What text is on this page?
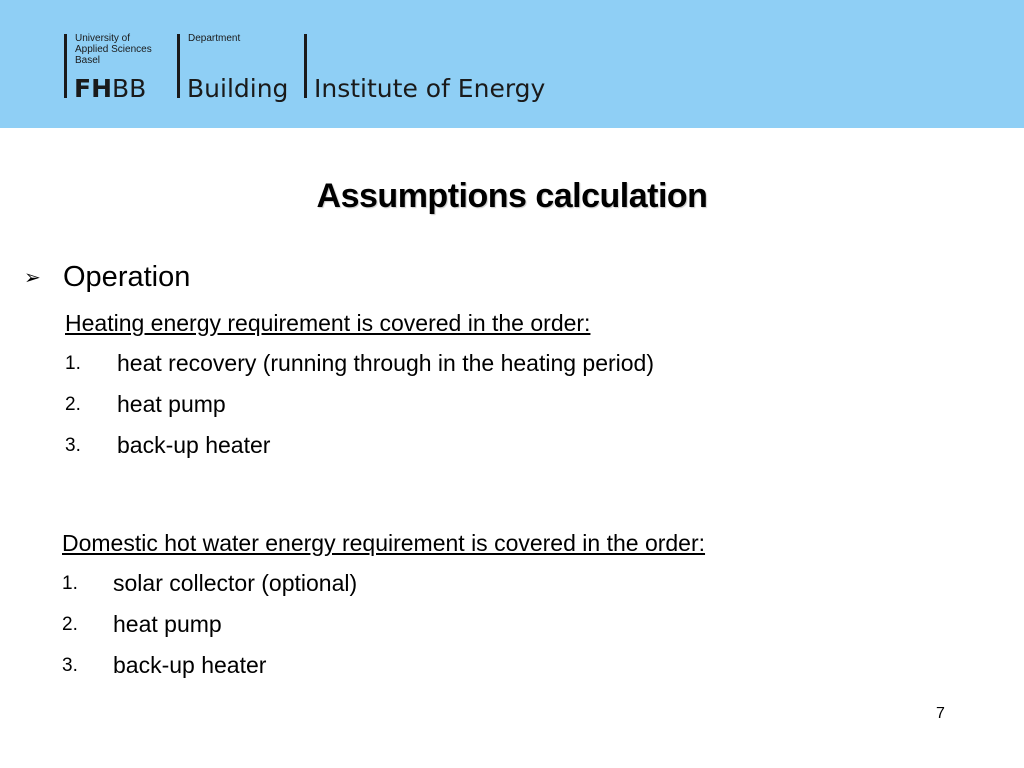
University of
Applied Sciences
Basel
FHBB
Department
Building Institute of Energy
Assumptions calculation
➢ Operation
Heating energy requirement is covered in the order:
1. heat recovery (running through in the heating period)
2. heat pump
3. back-up heater
Domestic hot water energy requirement is covered in the order:
1. solar collector (optional)
2. heat pump
3. back-up heater
7
